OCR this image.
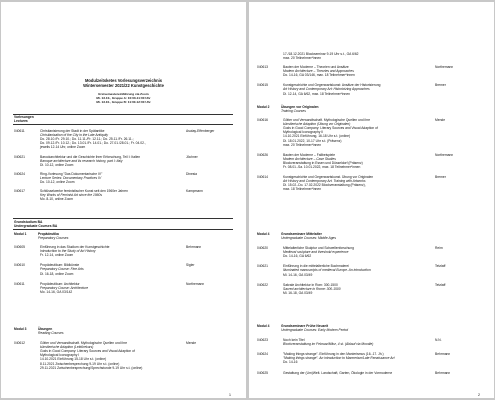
Modulzeitsketes Vorlesungsverzeichnis
Wintersemester 2021/22 Kunstgeschichte
Erstsemestereinführung via Zoom
Mi. 13.10., Gruppe A: 10:00-11:00 Uhr
Mi. 13.10., Gruppe B: 11:00-12:00 Uhr
Vorlesungen
Lectures
040611	Christianisierung der Stadt in der Spätantike
Christianisation of the City in the Late Antiquity
Do. 28.10./Fr. 29.10.; Do. 11.11./Fr. 12.11.; Do. 25.11./Fr. 26.11.;
Do. 09.12./Fr. 10.12.; Do. 13.01./Fr. 14.01.; Do. 27.01./28.01.; Fr. 04.02.,
jeweils 12-14 Uhr, online Zoom
Asutay-Effenberger
040621	Barockarchitektur und die Geschichte ihrer Erforschung, Teil I: Italien
Baroque architecture and its research history, part I: Italy
Di. 10-12, online Zoom
Jöchner
040624	Ring-Vorlesung "Das Dokumentarische IV"
Lecture Series: Documentary Practices IV
Do. 10-12, online Zoom
Dinesia
040617	Schlüsselwerke feministischer Kunst seit den 1960er Jahren
Key Works of Feminist Art since the 1960s
Mo. 8-10, online Zoom
Kampmann
Grundstudium BA
Undergraduate Courses BA
Modul 1	Propädeutika
Preparatory Courses
040605	Einführung in das Studium der Kunstgeschichte
Introduction to the Study of Art History
Fr. 12-14, online Zoom
Behrmann
040610	Propädeutikum: Bildkünste
Preparatory Course: Fine Arts
Di. 16-18, online Zoom
Sigler
040611	Propädeutikum: Architektur
Preparatory Course: Architecture
Mo. 14-16, GA 03/142
Northemann
Modul 3	Übungen
Reading Courses
040612	Götter und Verwandtschaft. Mythologische Quellen und ihre
künstlerische Adaption (Lektürekurs)
Gods in Good Company: Literary Sources and Visual Adaption of
Mythological Iconography I
14.10.2021 Einführung 15-18 Uhr s.t. (online)
8.11.2021 Zwischenbesprechung 9-19 Uhr s.t. (online)
29.11.2021 Zwischenbesprechung/Sprechstunde 9-19 Uhr s.t. (online)
Mende
1
17./18.12.2021 Blockseminar 9-19 Uhr s.t., GA 6/62
max. 20 Teilnehmer*innen
040613	Bauten der Moderne – Theorien und Ansätze
Modern Architecture – Theories and Approaches
Do. 14-16, GA 03/146, max. 18 Teilnehmer*innen
Northemann
040615	Kunstgeschichte und Gegenwartskunst: Ansätze der Historisierung
Art History and Contemporary Art: Historicizing Approaches
Di. 12-14, GA 6/62, max. 18 Teilnehmer*innen
Bremer
Modul 2	Übungen vor Originalen
Training Courses
040616	Götter und Verwandtschaft. Mythologische Quellen und ihre
künstlerische Adaption (Übung vor Originalen)
Gods in Good Company: Literary Sources and Visual Adaption of
Mythological Iconography II
14.10.2021 Einführung, 16-18 Uhr s.t. (online)
Di. 18.01.2022, 10-17 Uhr s.t. (Präsenz)
max. 20 Teilnehmer*innen
Mende
040626	Bauten der Moderne – Fallbeispiele
Modern Architecture – Case Studies
Blockveranstaltung in Essen und Düsseldorf (Präsenz)
Fr. 08.01.-Sa. 10.01.2022, max. 18 Teilnehmer*innen
Northemann
040614	Kunstgeschichte und Gegenwartskunst. Übung vor Originalen
Art History and Contemporary Art. Training with Artworks
Di. 15.02.-Do. 17.02.2022 Blockveranstaltung (Präsenz),
max. 18 Teilnehmer*innen
Bremer
Modul 4	Grundseminare Mittelalter
Undergraduate Courses: Middle Ages
040620	Mittelalterliche Skulptur und Schwellenforschung
Medieval sculpture and threshold experience
Do. 14-16, GA 6/62
Reim
040621	Einführung in die mittelalterliche Buchmalerei
Illuminated manuscripts of medieval Europe. An introduction
Mi. 14-16, GA 03/49
Tetzlaff
040622	Sakrale Architektur in Rom: 300-1500
Sacred architecture in Rome: 300-1500
Mi. 16-18, GA 03/49
Tetzlaff
Modul 4	Grundseminare Frühe Neuzeit
Undergraduate Courses: Early Modern Period
040623	Noch kein Titel
Blockveranstaltung im Februar/März, 4 st. (Ablauf via Moodle)
N.N.
040624	"Making things strange". Einführung in den Manierismus (16.-17. Jh.)
"Making things strange". An introduction to Mannerism/Late Renaissance Art
Do. 14-16
Behrmann
040625	Gestaltung der (Um)Welt. Landschaft, Garten, Ökologie in der Vormoderne	Behrmann
2
